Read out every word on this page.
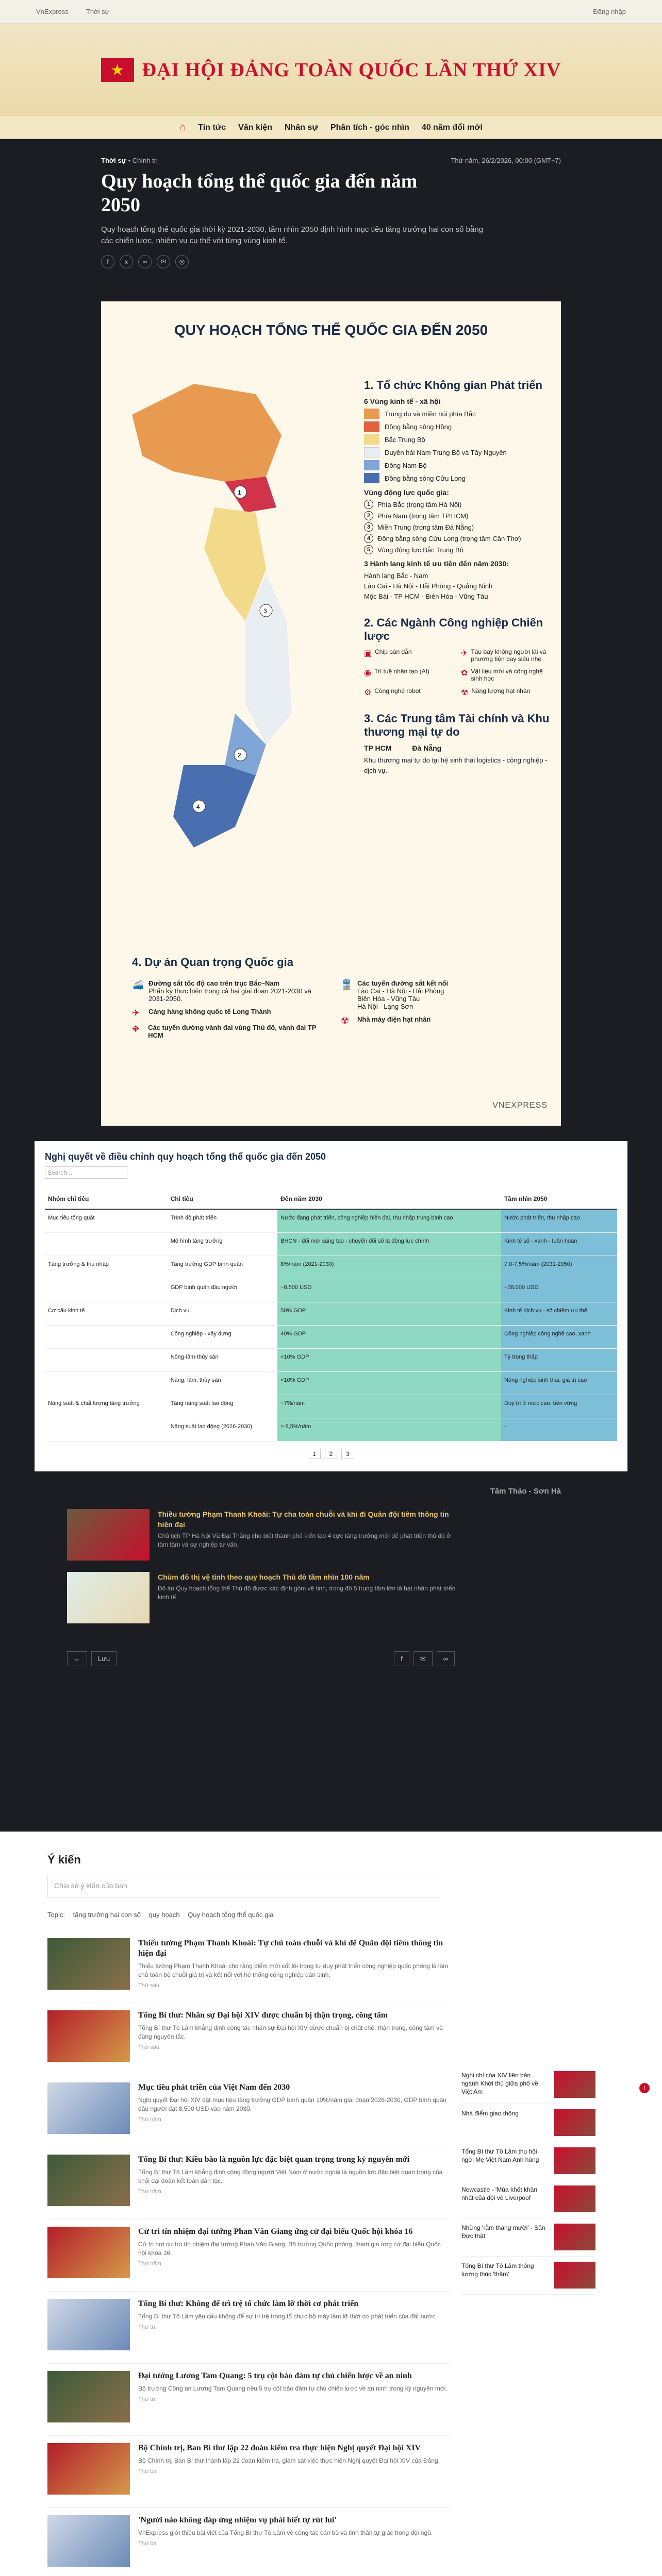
VnExpress	Thời sự	Đăng nhập
★ ĐẠI HỘI ĐẢNG TOÀN QUỐC LẦN THỨ XIV
⌂ Tin tức Văn kiện Nhân sự Phân tích - góc nhìn 40 năm đổi mới
Thời sự • Chính trị	Thứ năm, 26/2/2026, 00:00 (GMT+7)
Quy hoạch tổng thể quốc gia đến năm 2050

Quy hoạch tổng thể quốc gia thời kỳ 2021-2030, tầm nhìn 2050 định hình mục tiêu tăng trưởng hai con số bằng các chiến lược, nhiệm vụ cụ thể với từng vùng kinh tế.

f	x	∞	✉	◎
QUY HOẠCH TỔNG THỂ QUỐC GIA ĐẾN 2050
1
2
3
4
1. Tổ chức Không gian Phát triển
6 Vùng kinh tế - xã hội
Trung du và miền núi phía Bắc
Đồng bằng sông Hồng
Bắc Trung Bộ
Duyên hải Nam Trung Bộ và Tây Nguyên
Đông Nam Bộ
Đồng bằng sông Cửu Long
Vùng động lực quốc gia:
1	Phía Bắc (trọng tâm Hà Nội)
2	Phía Nam (trọng tâm TP.HCM)
3	Miền Trung (trọng tâm Đà Nẵng)
4	Đồng bằng sông Cửu Long (trọng tâm Cần Thơ)
5	Vùng động lực Bắc Trung Bộ
3 Hành lang kinh tế ưu tiên đến năm 2030:
Hành lang Bắc - Nam
Lào Cai - Hà Nội - Hải Phòng - Quảng Ninh
Mộc Bài - TP HCM - Biên Hòa - Vũng Tàu
2. Các Ngành Công nghiệp Chiến lược
▣ Chip bán dẫn	✈ Tàu bay không người lái và phương tiện bay siêu nhẹ
◉ Trí tuệ nhân tạo (AI)	✿ Vật liệu mới và công nghệ sinh học
⚙ Công nghệ robot	☢ Năng lượng hạt nhân
3. Các Trung tâm Tài chính và Khu thương mại tự do
TP HCM	Đà Nẵng
Khu thương mại tự do tại hệ sinh thái logistics - công nghiệp - dịch vụ.
4. Dự án Quan trọng Quốc gia
🚄 Đường sắt tốc độ cao trên trục Bắc–Nam
Phấn kỳ thực hiện trong cả hai giai đoạn 2021-2030 và 2031-2050.
✈	Cảng hàng không quốc tế Long Thành
⛖	Các tuyến đường vành đai vùng Thủ đô, vành đai TP HCM
🚆 Các tuyến đường sắt kết nối
Lào Cai - Hà Nội - Hải Phòng
Biên Hòa - Vũng Tàu
Hà Nội - Lạng Sơn
☢	Nhà máy điện hạt nhân
VNEXPRESS
Nghị quyết về điều chỉnh quy hoạch tổng thể quốc gia đến 2050
Search...
Nhóm chỉ tiêu	Chỉ tiêu	Đến năm 2030	Tầm nhìn 2050
Mục tiêu tổng quát	Trình độ phát triển	Nước đang phát triển, công nghiệp hiện đại, thu nhập trung bình cao	Nước phát triển, thu nhập cao
	Mô hình tăng trưởng	BHCN - đổi mới sáng tạo - chuyển đổi số là động lực chính	Kinh tế số - xanh - tuần hoàn
Tăng trưởng & thu nhập	Tăng trưởng GDP bình quân	8%/năm (2021-2030)	7,0-7,5%/năm (2031-2050)
	GDP bình quân đầu người	~8.500 USD	~38.000 USD
Cơ cấu kinh tế	Dịch vụ	50% GDP	Kinh tế dịch vụ - số chiếm ưu thế
	Công nghiệp - xây dựng	40% GDP	Công nghiệp công nghệ cao, xanh
	Nông-lâm-thủy sản	<10% GDP	Tỷ trọng thấp
	Năng, lâm, thủy sản	<10% GDP	Nông nghiệp sinh thái, giá trị cao
Năng suất & chất lượng tăng trưởng	Tăng năng suất lao động	~7%/năm	Duy trì ở mức cao, bền vững
	Năng suất lao động (2026-2030)	> 8,5%/năm	-
1	2	3
Tâm Thảo - Sơn Hà
Thiều tướng Phạm Thanh Khoái: Tự cha toàn chuỗi và khi đi Quân đội tiêm thông tin hiện đại

Chủ tịch TP Hà Nội Vũ Đại Thắng cho biết thành phố kiến tạo 4 cực tăng trưởng mới để phát triển thủ đô ở tầm tầm và sự nghiệp tư vấn.

Chùm đô thị vệ tinh theo quy hoạch Thủ đô tầm nhìn 100 năm

Đô án Quy hoạch tổng thể Thủ đô được xác định gồm vệ tinh, trong đó 5 trung tâm lớn là hạt nhân phát triển kinh tế.

←	Lưu	f	✉	∞
Ý kiến
Chia sẻ ý kiến của bạn
Topic: tăng trưởng hai con số quy hoạch Quy hoạch tổng thể quốc gia
Thiếu tướng Phạm Thanh Khoái: Tự chủ toàn chuỗi và khí để Quân đội tiêm thông tin hiện đại

Thiếu tướng Phạm Thanh Khoái cho rằng điểm mới cốt lõi trong tư duy phát triển công nghiệp quốc phòng là làm chủ toàn bộ chuỗi giá trị và kết nối với hệ thống công nghiệp dân sinh.

Thứ sáu
Tổng Bí thư: Nhân sự Đại hội XIV được chuẩn bị thận trọng, công tâm

Tổng Bí thư Tô Lâm khẳng định công tác nhân sự Đại hội XIV được chuẩn bị chặt chẽ, thận trọng, công tâm và đúng nguyên tắc.

Thứ sáu
Mục tiêu phát triển của Việt Nam đến 2030

Nghị quyết Đại hội XIV đặt mục tiêu tăng trưởng GDP bình quân 10%/năm giai đoạn 2026-2030, GDP bình quân đầu người đạt 8.500 USD vào năm 2030.

Thứ năm
Tổng Bí thư: Kiều bào là nguồn lực đặc biệt quan trọng trong kỷ nguyên mới

Tổng Bí thư Tô Lâm khẳng định cộng đồng người Việt Nam ở nước ngoài là nguồn lực đặc biệt quan trọng của khối đại đoàn kết toàn dân tộc.

Thứ năm
Cử tri tín nhiệm đại tướng Phan Văn Giang ứng cử đại biểu Quốc hội khóa 16

Cử tri nơi cư trú tín nhiệm đại tướng Phan Văn Giang, Bộ trưởng Quốc phòng, tham gia ứng cử đại biểu Quốc hội khóa 16.

Thứ năm
Tổng Bí thư: Không để trì trệ tổ chức làm lỡ thời cơ phát triển

Tổng Bí thư Tô Lâm yêu cầu không để sự trì trệ trong tổ chức bộ máy làm lỡ thời cơ phát triển của đất nước.

Thứ tư
Đại tướng Lương Tam Quang: 5 trụ cột bảo đảm tự chủ chiến lược về an ninh

Bộ trưởng Công an Lương Tam Quang nêu 5 trụ cột bảo đảm tự chủ chiến lược về an ninh trong kỷ nguyên mới.

Thứ tư
Bộ Chính trị, Ban Bí thư lập 22 đoàn kiểm tra thực hiện Nghị quyết Đại hội XIV

Bộ Chính trị, Ban Bí thư thành lập 22 đoàn kiểm tra, giám sát việc thực hiện Nghị quyết Đại hội XIV của Đảng.

Thứ ba
'Người nào không đáp ứng nhiệm vụ phải biết tự rút lui'

VnExpress giới thiệu bài viết của Tổng Bí thư Tô Lâm về công tác cán bộ và tinh thần tự giác trong đội ngũ.

Thứ ba

Nghị chỉ cóa XIV liên bản ngành Khởi thủ giữa phố về Việt Am

Nhà điểm giao thông

Tổng Bí thư Tô Lâm thụ hội ngợi Mẹ Việt Nam Anh hùng

Newcastle - 'Mùa khốt khăn nhất của đội về Liverpool'

Những 'rằm tháng mười' - Sản Đực thật

Tổng Bí thư Tô Lâm thông lương thúc 'thăm'

!
